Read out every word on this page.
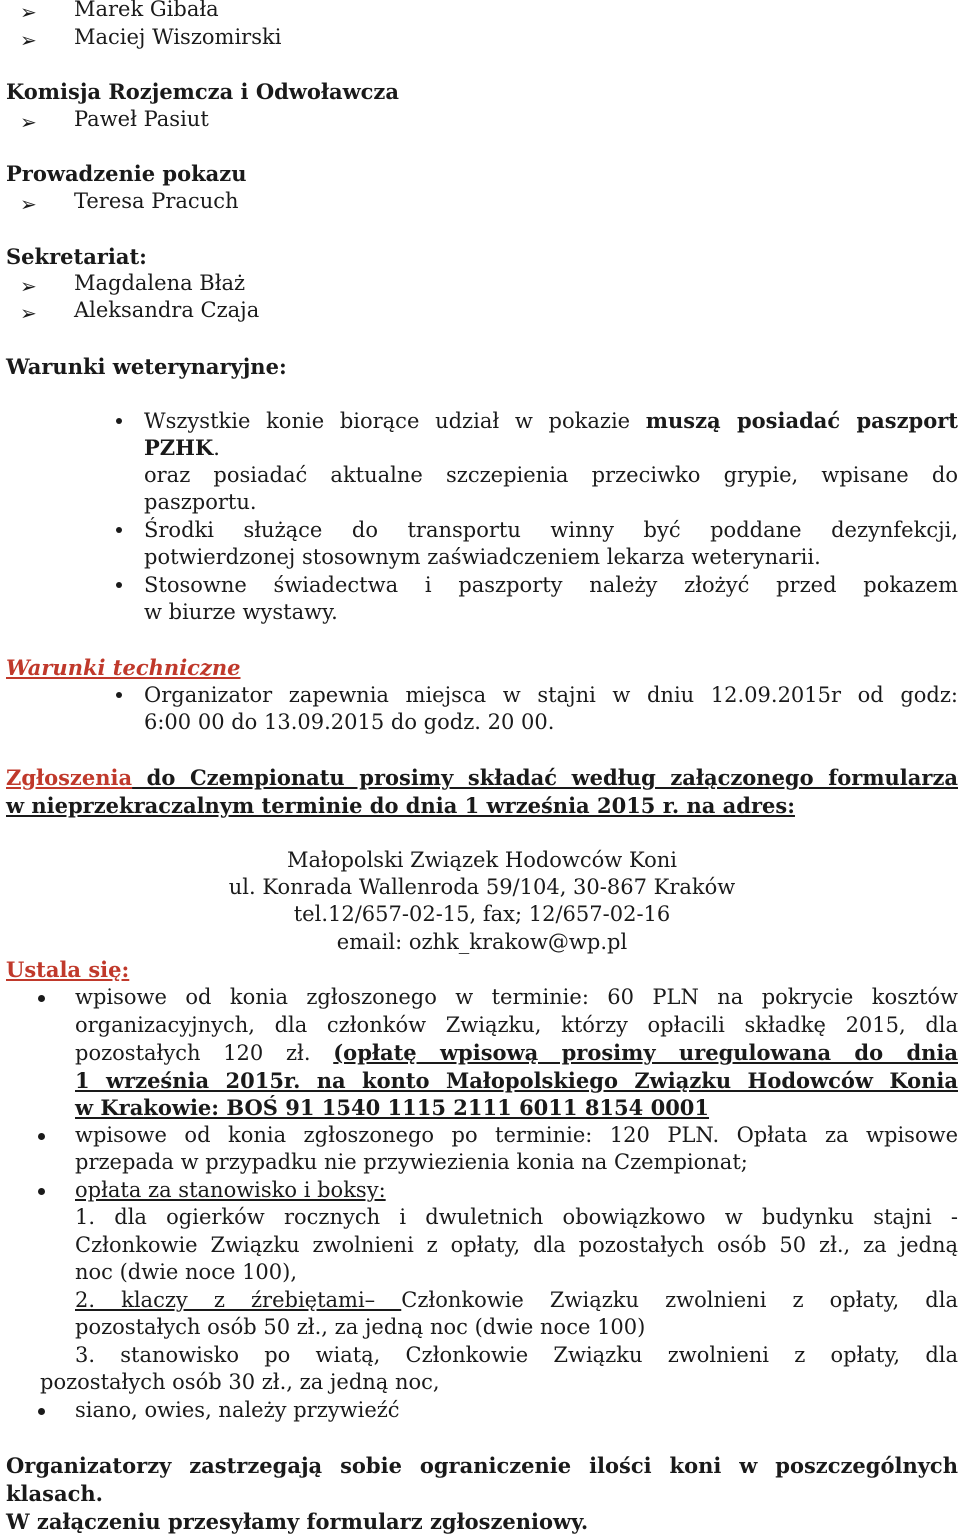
➢ Marek Gibała
➢ Maciej Wiszomirski
Komisja Rozjemcza i Odwoławcza
➢ Paweł Pasiut
Prowadzenie pokazu
➢ Teresa Pracuch
Sekretariat:
➢ Magdalena Błaż
➢ Aleksandra Czaja
Warunki weterynaryjne:
Wszystkie konie biorące udział w pokazie muszą posiadać paszport
PZHK.
oraz posiadać aktualne szczepienia przeciwko grypie, wpisane do
paszportu.
Środki służące do transportu winny być poddane dezynfekcji,
potwierdzonej stosownym zaświadczeniem lekarza weterynarii.
Stosowne świadectwa i paszporty należy złożyć przed pokazem
w biurze wystawy.
Warunki techniczne
Organizator zapewnia miejsca w stajni w dniu 12.09.2015r od godz:
6:00 00 do 13.09.2015 do godz. 20 00.
Zgłoszenia do Czempionatu prosimy składać według załączonego formularza
w nieprzekraczalnym terminie do dnia 1 września 2015 r. na adres:
Małopolski Związek Hodowców Koni
ul. Konrada Wallenroda 59/104, 30-867 Kraków
tel.12/657-02-15, fax; 12/657-02-16
email: ozhk_krakow@wp.pl
Ustala się:
wpisowe od konia zgłoszonego w terminie: 60 PLN na pokrycie kosztów
organizacyjnych, dla członków Związku, którzy opłacili składkę 2015, dla
pozostałych 120 zł. (opłatę wpisową prosimy uregulowana do dnia
1 września 2015r. na konto Małopolskiego Związku Hodowców Konia
w Krakowie: BOŚ 91 1540 1115 2111 6011 8154 0001
wpisowe od konia zgłoszonego po terminie: 120 PLN. Opłata za wpisowe
przepada w przypadku nie przywiezienia konia na Czempionat;
opłata za stanowisko i boksy:
1. dla ogierków rocznych i dwuletnich obowiązkowo w budynku stajni -
Członkowie Związku zwolnieni z opłaty, dla pozostałych osób 50 zł., za jedną
noc (dwie noce 100),
2. klaczy z źrebiętami– Członkowie Związku zwolnieni z opłaty, dla
pozostałych osób 50 zł., za jedną noc (dwie noce 100)
3. stanowisko po wiatą, Członkowie Związku zwolnieni z opłaty, dla
pozostałych osób 30 zł., za jedną noc,
siano, owies, należy przywieźć
Organizatorzy zastrzegają sobie ograniczenie ilości koni w poszczególnych
klasach.
W załączeniu przesyłamy formularz zgłoszeniowy.
